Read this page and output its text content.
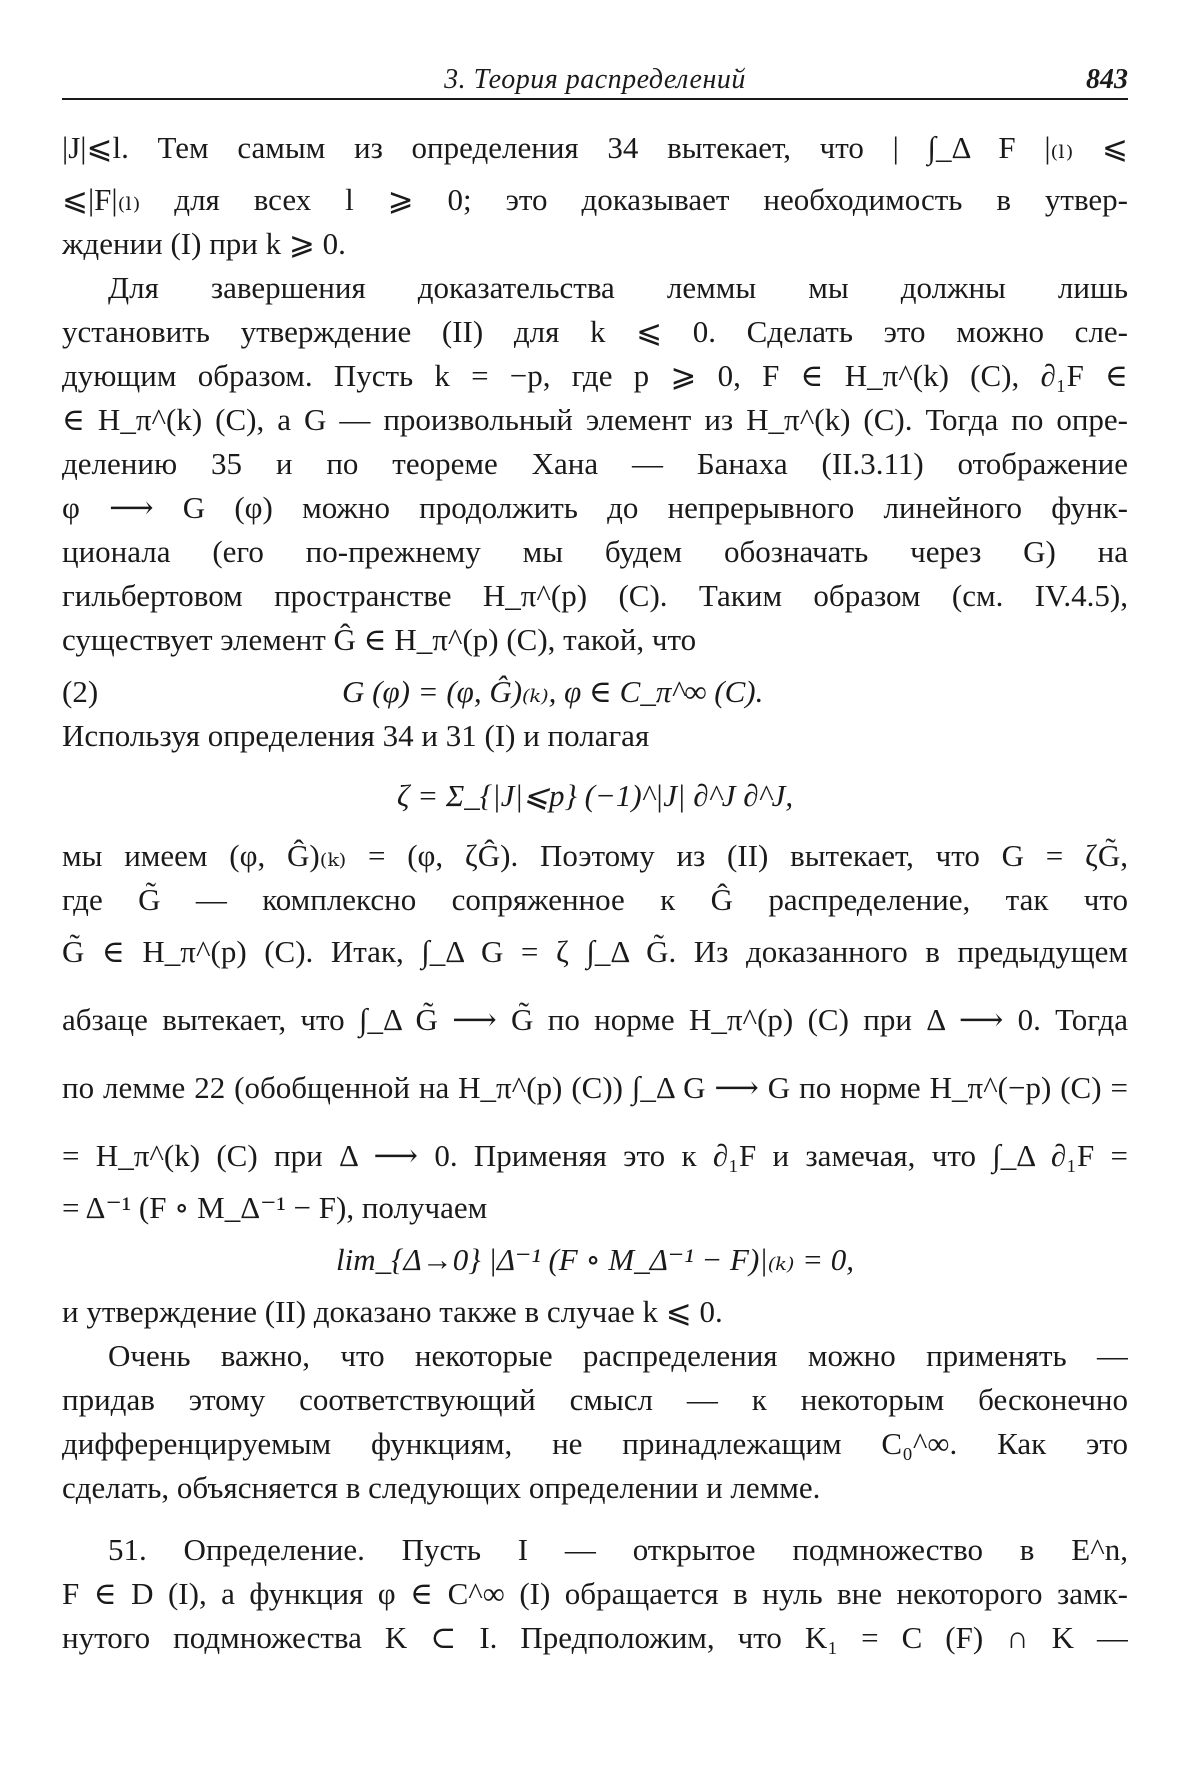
3. Теория распределений	843
|J|⩽l. Тем самым из определения 34 вытекает, что | ∫_Δ F |₍ₗ₎ ⩽
⩽|F|₍ₗ₎ для всех l ⩾ 0; это доказывает необходимость в утвер-
ждении (I) при k ⩾ 0.
Для завершения доказательства леммы мы должны лишь
установить утверждение (II) для k ⩽ 0. Сделать это можно сле-
дующим образом. Пусть k = −p, где p ⩾ 0, F ∈ H_π^(k) (C), ∂₁F ∈
∈ H_π^(k) (C), а G — произвольный элемент из H_π^(k) (C). Тогда по опре-
делению 35 и по теореме Хана — Банаха (II.3.11) отображение
φ ⟶ G (φ) можно продолжить до непрерывного линейного функ-
ционала (его по-прежнему мы будем обозначать через G) на
гильбертовом пространстве H_π^(p) (C). Таким образом (см. IV.4.5),
существует элемент Ĝ ∈ H_π^(p) (C), такой, что
(2)	G (φ) = (φ, Ĝ)₍ₖ₎, φ ∈ C_π^∞ (C).
Используя определения 34 и 31 (I) и полагая
ζ = Σ_{|J|⩽p} (−1)^|J| ∂^J ∂^J,
мы имеем (φ, Ĝ)₍ₖ₎ = (φ, ζĜ). Поэтому из (II) вытекает, что G = ζG̃,
где G̃ — комплексно сопряженное к Ĝ распределение, так что
G̃ ∈ H_π^(p) (C). Итак, ∫_Δ G = ζ ∫_Δ G̃. Из доказанного в предыдущем
абзаце вытекает, что ∫_Δ G̃ ⟶ G̃ по норме H_π^(p) (C) при Δ ⟶ 0. Тогда
по лемме 22 (обобщенной на H_π^(p) (C)) ∫_Δ G ⟶ G по норме H_π^(−p) (C) =
= H_π^(k) (C) при Δ ⟶ 0. Применяя это к ∂₁F и замечая, что ∫_Δ ∂₁F =
= Δ⁻¹ (F ∘ M_Δ⁻¹ − F), получаем
lim_{Δ→0} |Δ⁻¹ (F ∘ M_Δ⁻¹ − F)|₍ₖ₎ = 0,
и утверждение (II) доказано также в случае k ⩽ 0.
Очень важно, что некоторые распределения можно применять —
придав этому соответствующий смысл — к некоторым бесконечно
дифференцируемым функциям, не принадлежащим C₀^∞. Как это
сделать, объясняется в следующих определении и лемме.
51. Определение. Пусть I — открытое подмножество в E^n,
F ∈ D (I), а функция φ ∈ C^∞ (I) обращается в нуль вне некоторого замк-
нутого подмножества K ⊂ I. Предположим, что K₁ = C (F) ∩ K —
